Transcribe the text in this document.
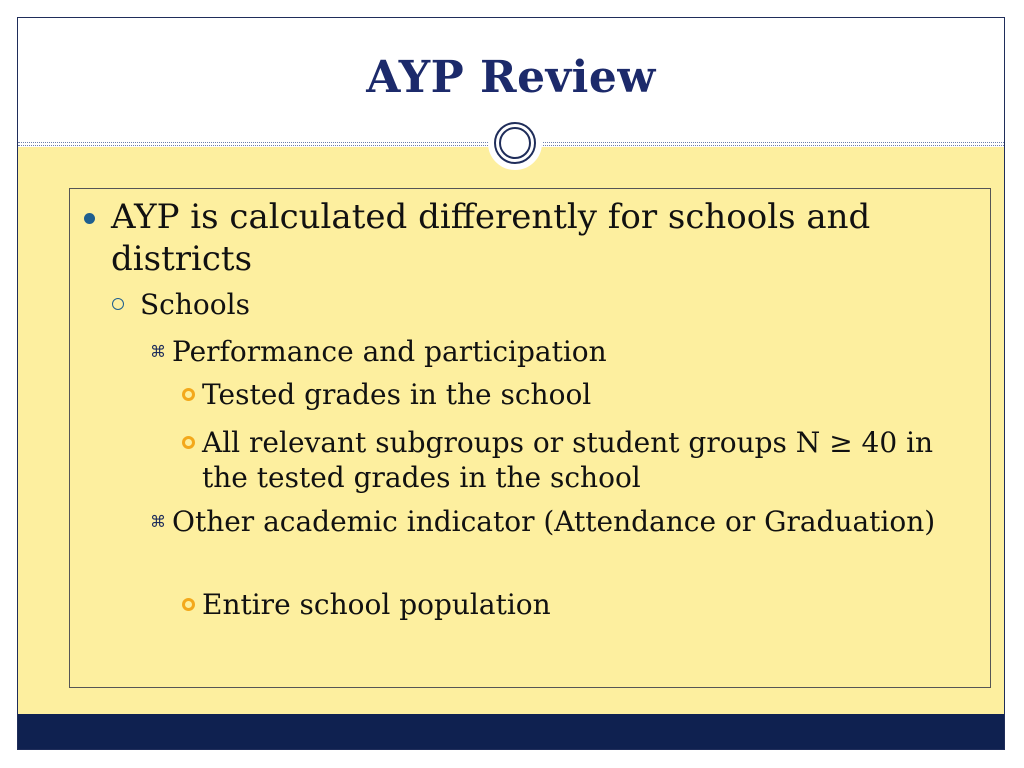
AYP Review
AYP is calculated differently for schools and districts
Schools
⌘ Performance and participation
Tested grades in the school
All relevant subgroups or student groups N ≥ 40 in the tested grades in the school
⌘ Other academic indicator (Attendance or Graduation)
Entire school population
